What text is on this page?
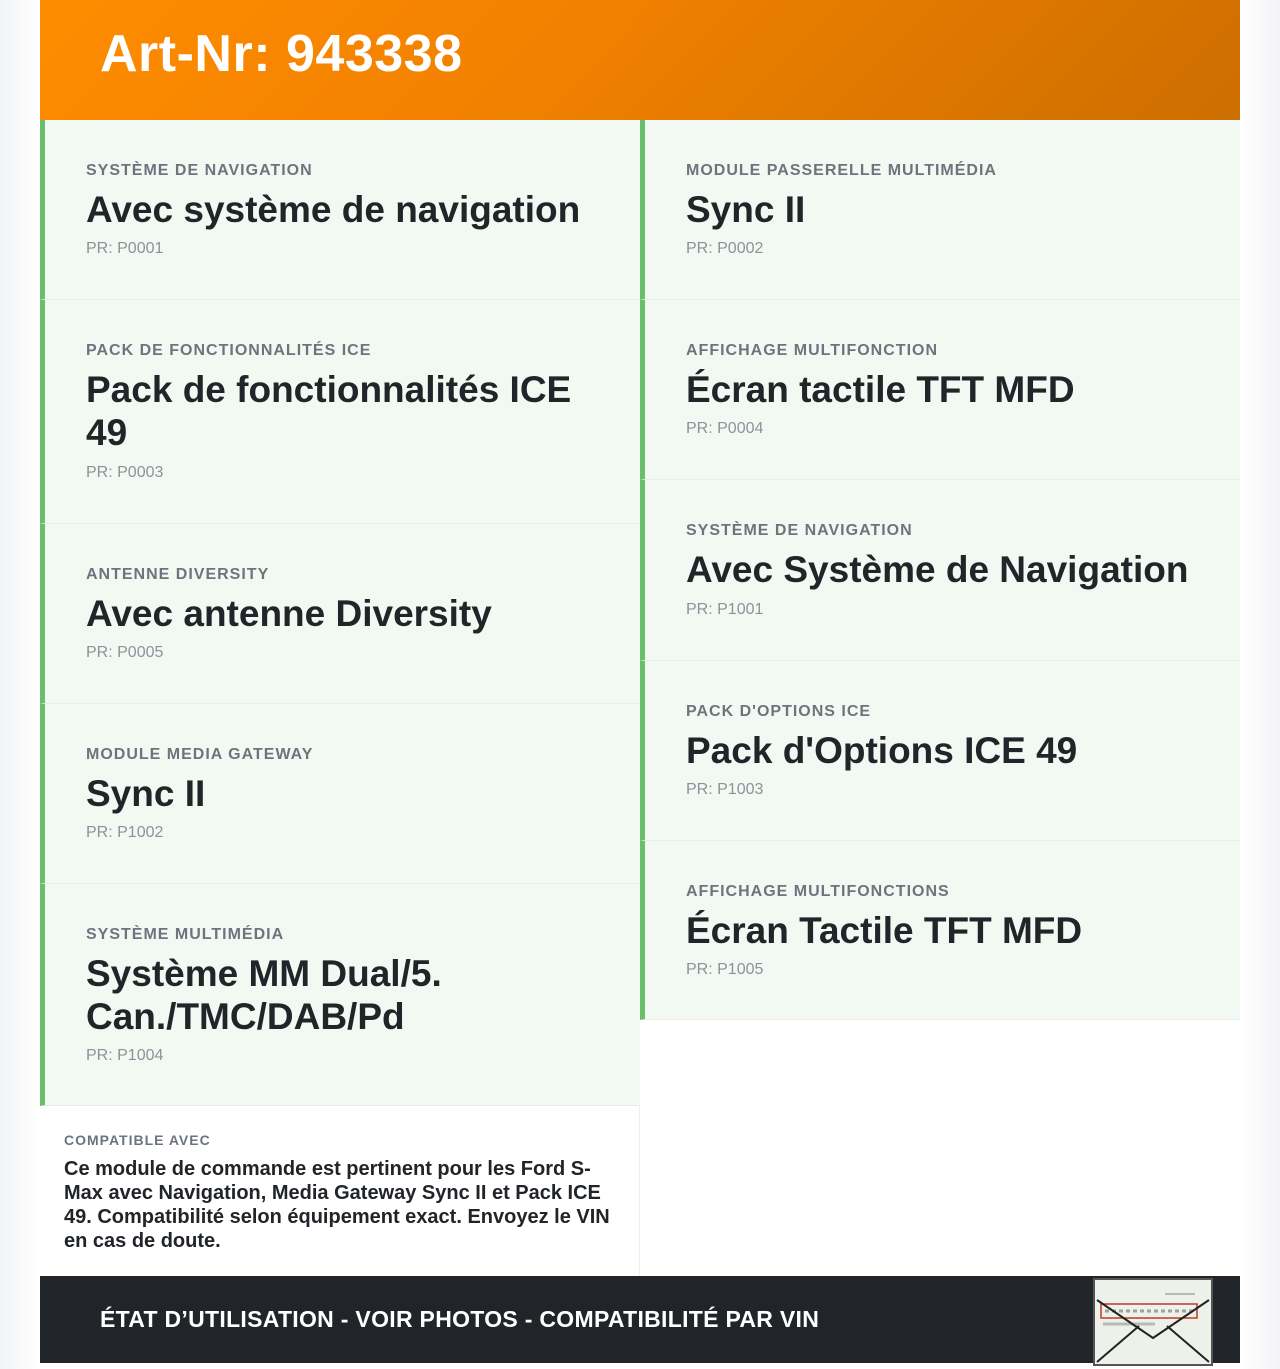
Art-Nr: 943338
SYSTÈME DE NAVIGATION
Avec système de navigation
PR: P0001
PACK DE FONCTIONNALITÉS ICE
Pack de fonctionnalités ICE 49
PR: P0003
ANTENNE DIVERSITY
Avec antenne Diversity
PR: P0005
MODULE MEDIA GATEWAY
Sync II
PR: P1002
SYSTÈME MULTIMÉDIA
Système MM Dual/5. Can./TMC/DAB/Pd
PR: P1004
MODULE PASSERELLE MULTIMÉDIA
Sync II
PR: P0002
AFFICHAGE MULTIFONCTION
Écran tactile TFT MFD
PR: P0004
SYSTÈME DE NAVIGATION
Avec Système de Navigation
PR: P1001
PACK D'OPTIONS ICE
Pack d'Options ICE 49
PR: P1003
AFFICHAGE MULTIFONCTIONS
Écran Tactile TFT MFD
PR: P1005
COMPATIBLE AVEC
Ce module de commande est pertinent pour les Ford S-Max avec Navigation, Media Gateway Sync II et Pack ICE 49. Compatibilité selon équipement exact. Envoyez le VIN en cas de doute.
ÉTAT D’UTILISATION - VOIR PHOTOS - COMPATIBILITÉ PAR VIN
